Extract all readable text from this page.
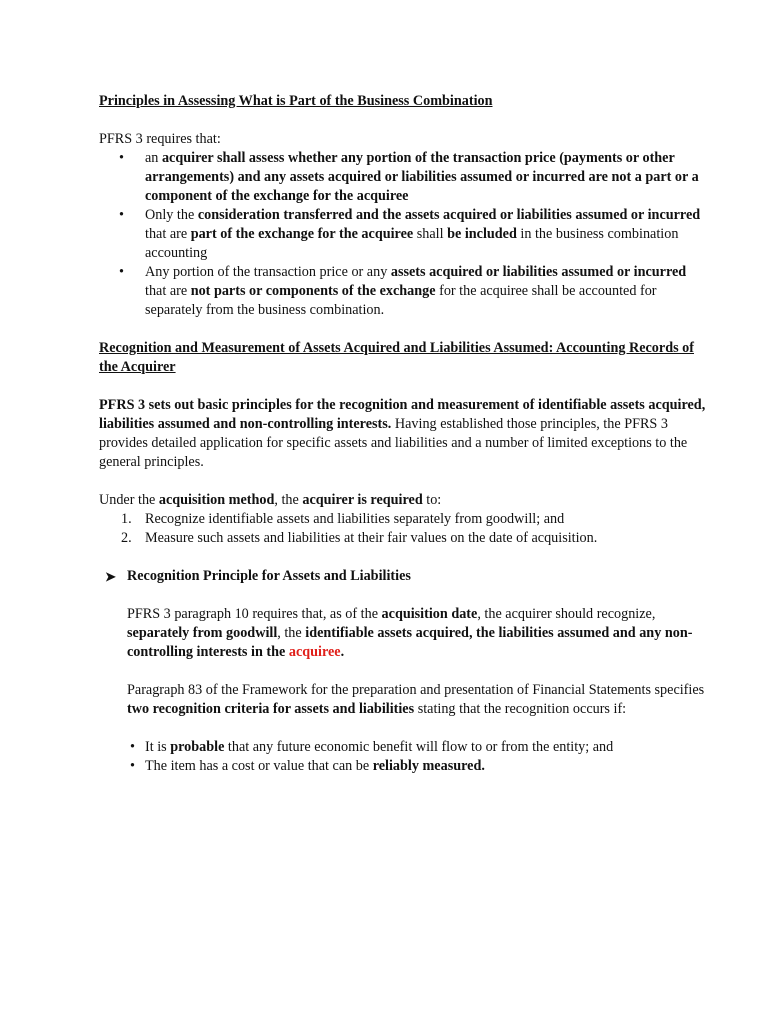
Principles in Assessing What is Part of the Business Combination

PFRS 3 requires that:

• an acquirer shall assess whether any portion of the transaction price (payments or other arrangements) and any assets acquired or liabilities assumed or incurred are not a part or a component of the exchange for the acquiree
• Only the consideration transferred and the assets acquired or liabilities assumed or incurred that are part of the exchange for the acquiree shall be included in the business combination accounting
• Any portion of the transaction price or any assets acquired or liabilities assumed or incurred that are not parts or components of the exchange for the acquiree shall be accounted for separately from the business combination.

Recognition and Measurement of Assets Acquired and Liabilities Assumed: Accounting Records of the Acquirer

PFRS 3 sets out basic principles for the recognition and measurement of identifiable assets acquired, liabilities assumed and non-controlling interests. Having established those principles, the PFRS 3 provides detailed application for specific assets and liabilities and a number of limited exceptions to the general principles.

Under the acquisition method, the acquirer is required to:

1. Recognize identifiable assets and liabilities separately from goodwill; and
2. Measure such assets and liabilities at their fair values on the date of acquisition.

➤ Recognition Principle for Assets and Liabilities

PFRS 3 paragraph 10 requires that, as of the acquisition date, the acquirer should recognize, separately from goodwill, the identifiable assets acquired, the liabilities assumed and any non-controlling interests in the acquiree.

Paragraph 83 of the Framework for the preparation and presentation of Financial Statements specifies two recognition criteria for assets and liabilities stating that the recognition occurs if:

• It is probable that any future economic benefit will flow to or from the entity; and
• The item has a cost or value that can be reliably measured.
